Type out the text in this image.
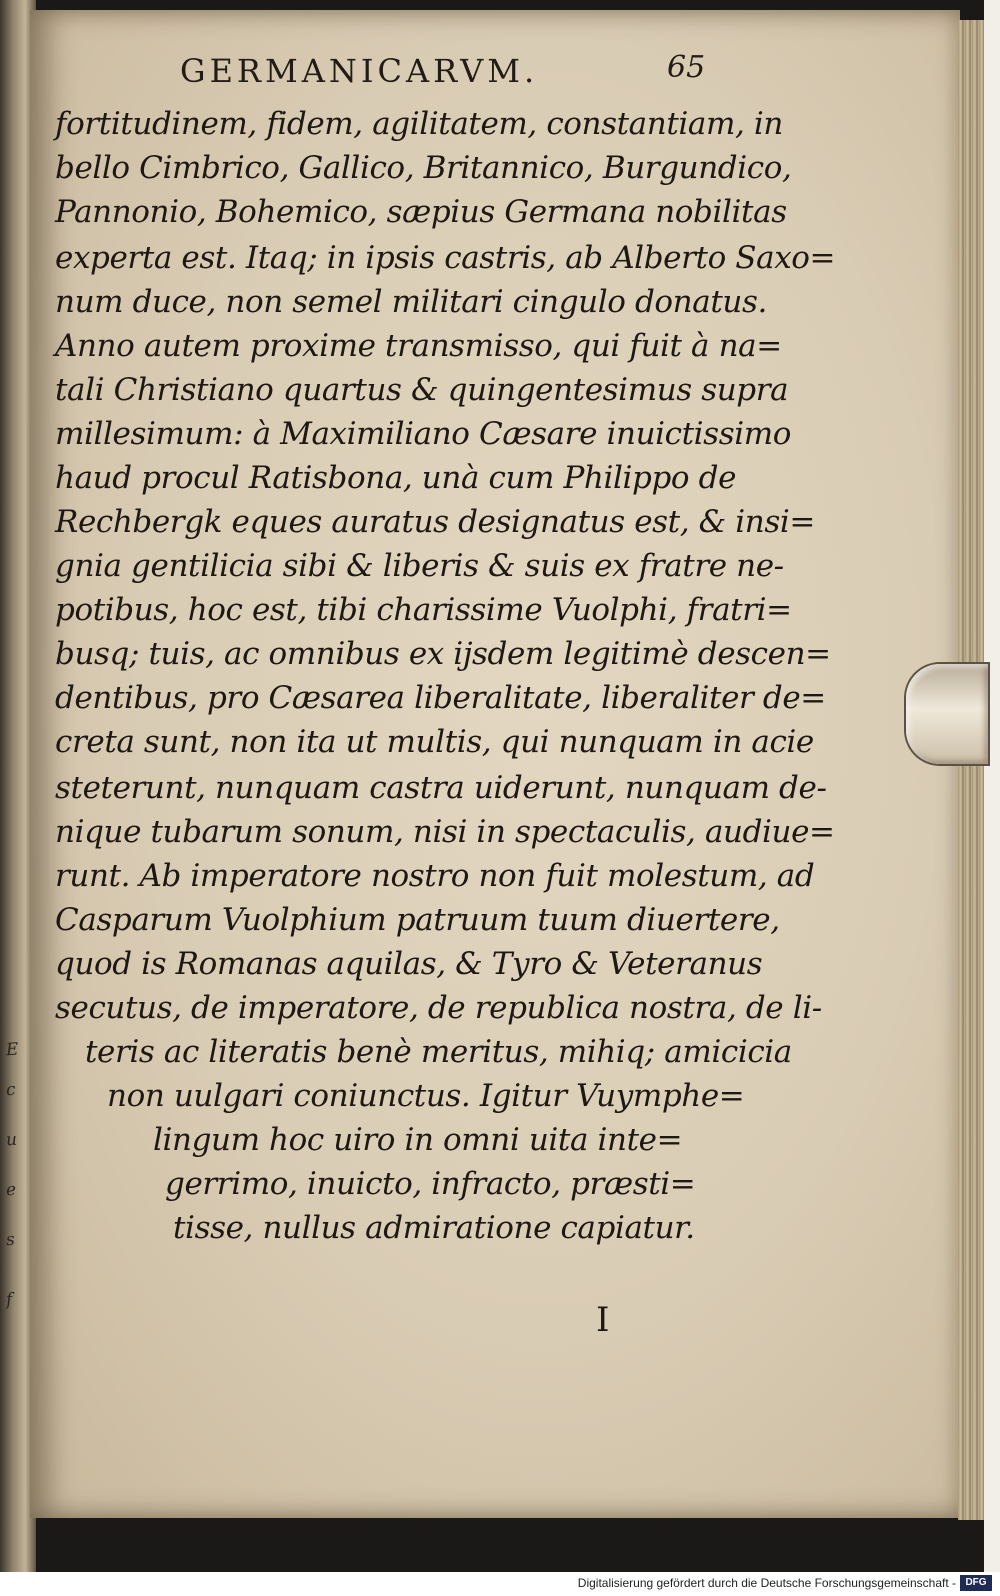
E
c
u
e
s
f
GERMANICARVM.	65
fortitudinem, fidem, agilitatem, constantiam, in
bello Cimbrico, Gallico, Britannico, Burgundico,
Pannonio, Bohemico, sæpius Germana nobilitas
experta est. Itaq; in ipsis castris, ab Alberto Saxo=
num duce, non semel militari cingulo donatus.
Anno autem proxime transmisso, qui fuit à na=
tali Christiano quartus & quingentesimus supra
millesimum: à Maximiliano Cæsare inuictissimo
haud procul Ratisbona, unà cum Philippo de
Rechbergk eques auratus designatus est, & insi=
gnia gentilicia sibi & liberis & suis ex fratre ne-
potibus, hoc est, tibi charissime Vuolphi, fratri=
busq; tuis, ac omnibus ex ijsdem legitimè descen=
dentibus, pro Cæsarea liberalitate, liberaliter de=
creta sunt, non ita ut multis, qui nunquam in acie
steterunt, nunquam castra uiderunt, nunquam de-
nique tubarum sonum, nisi in spectaculis, audiue=
runt. Ab imperatore nostro non fuit molestum, ad
Casparum Vuolphium patruum tuum diuertere,
quod is Romanas aquilas, & Tyro & Veteranus
secutus, de imperatore, de republica nostra, de li-
teris ac literatis benè meritus, mihiq; amicicia
non uulgari coniunctus. Igitur Vuymphe=
lingum hoc uiro in omni uita inte=
gerrimo, inuicto, infracto, præsti=
tisse, nullus admiratione capiatur.
I
Digitalisierung gefördert durch die Deutsche Forschungsgemeinschaft - DFG
